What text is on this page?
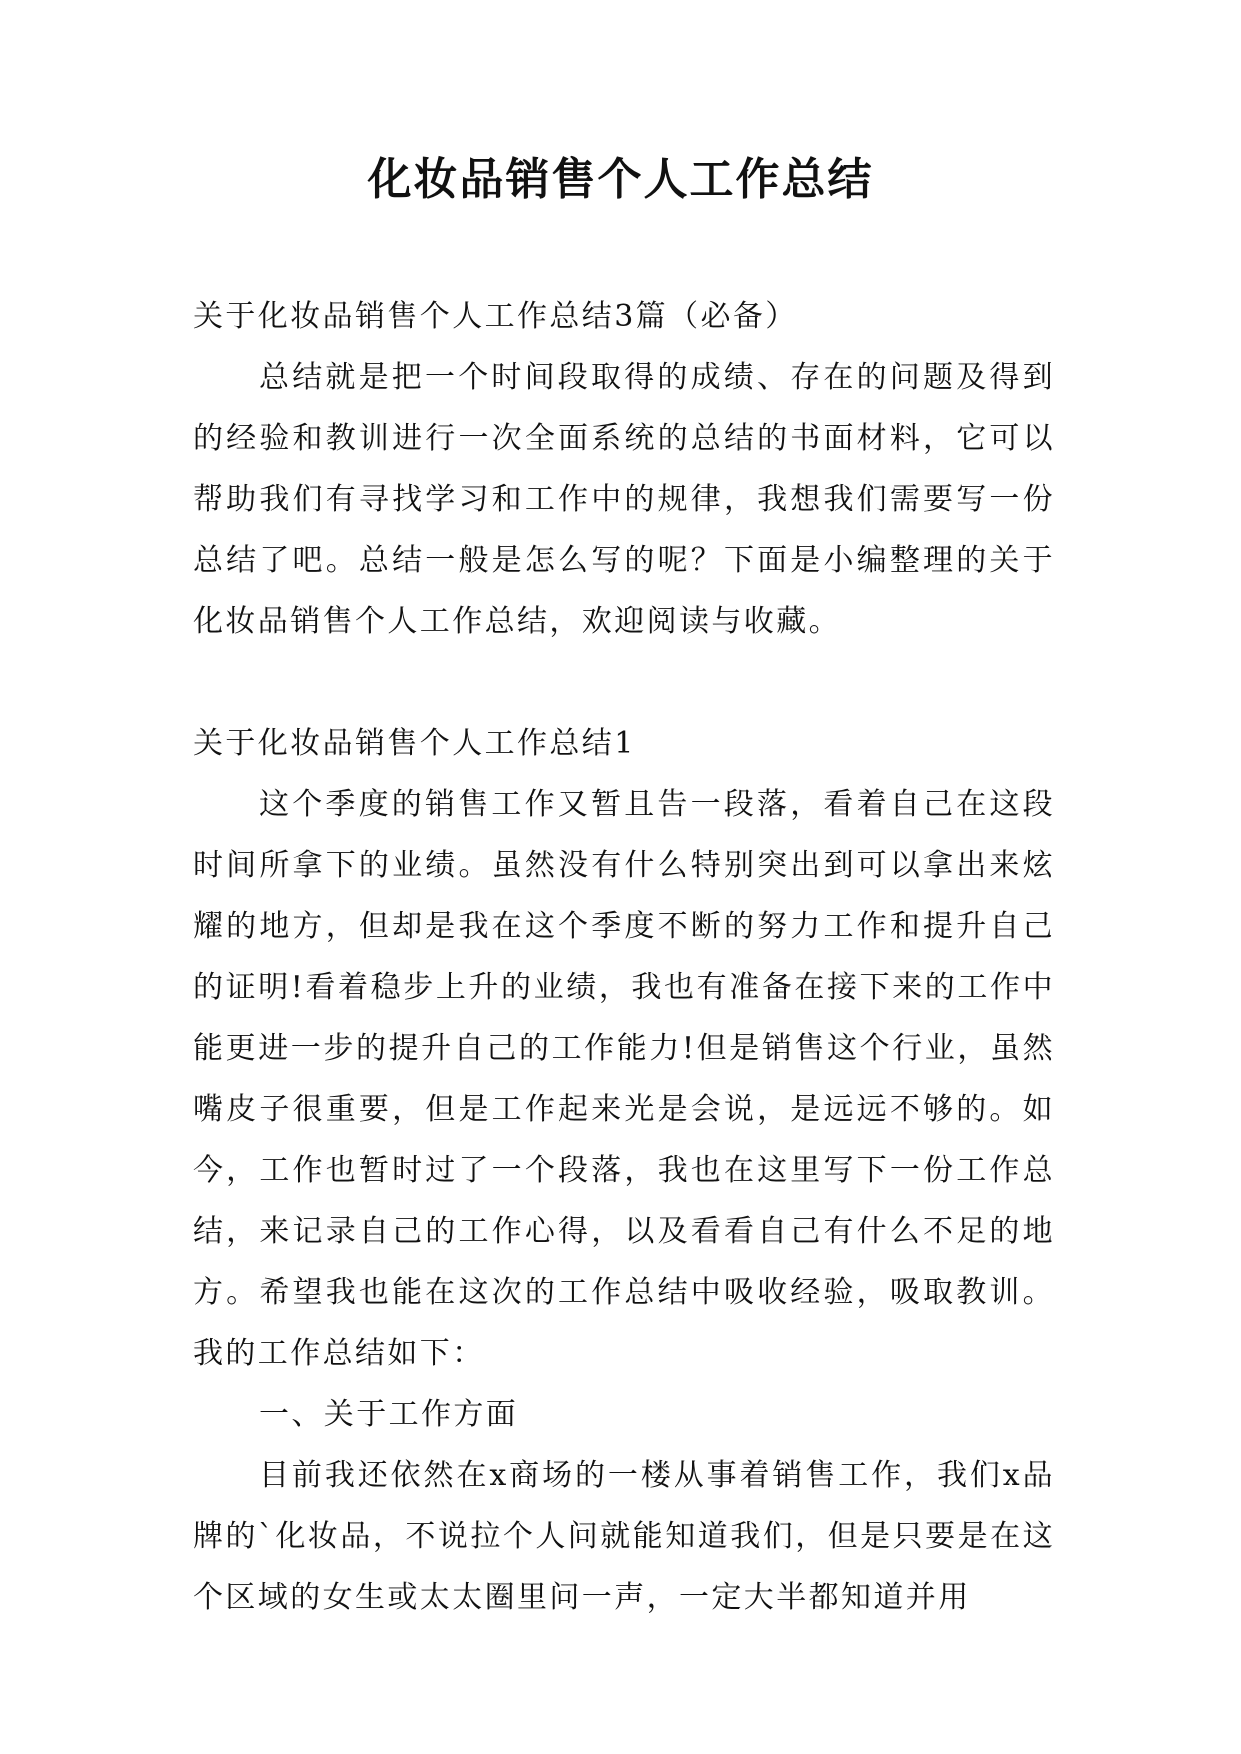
化妆品销售个人工作总结

关于化妆品销售个人工作总结3篇（必备）

总结就是把一个时间段取得的成绩、存在的问题及得到的经验和教训进行一次全面系统的总结的书面材料，它可以帮助我们有寻找学习和工作中的规律，我想我们需要写一份总结了吧。总结一般是怎么写的呢？下面是小编整理的关于化妆品销售个人工作总结，欢迎阅读与收藏。

关于化妆品销售个人工作总结1

这个季度的销售工作又暂且告一段落，看着自己在这段时间所拿下的业绩。虽然没有什么特别突出到可以拿出来炫耀的地方，但却是我在这个季度不断的努力工作和提升自己的证明!看着稳步上升的业绩，我也有准备在接下来的工作中能更进一步的提升自己的工作能力!但是销售这个行业，虽然嘴皮子很重要，但是工作起来光是会说，是远远不够的。如今，工作也暂时过了一个段落，我也在这里写下一份工作总结，来记录自己的工作心得，以及看看自己有什么不足的地方。希望我也能在这次的工作总结中吸收经验，吸取教训。我的工作总结如下：

一、关于工作方面

目前我还依然在x商场的一楼从事着销售工作，我们x品牌的`化妆品，不说拉个人问就能知道我们，但是只要是在这个区域的女生或太太圈里问一声，一定大半都知道并用
